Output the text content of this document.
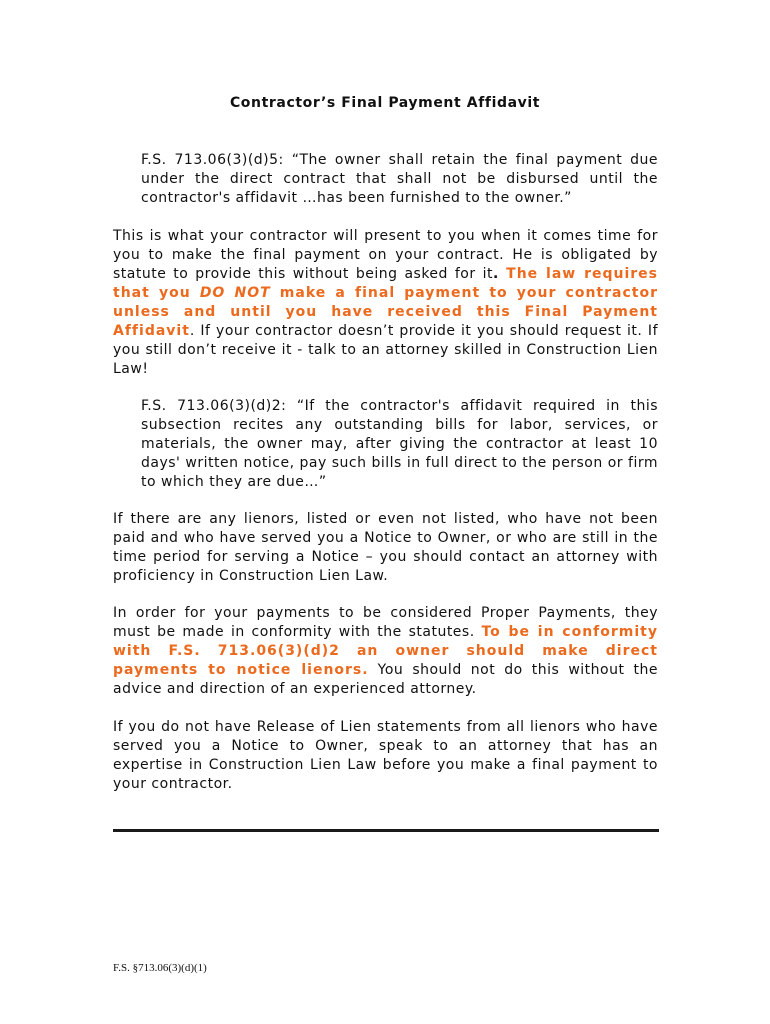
Contractor’s Final Payment Affidavit

F.S. 713.06(3)(d)5: “The owner shall retain the final payment due under the direct contract that shall not be disbursed until the contractor's affidavit …has been furnished to the owner.”

This is what your contractor will present to you when it comes time for you to make the final payment on your contract. He is obligated by statute to provide this without being asked for it. The law requires that you DO NOT make a final payment to your contractor unless and until you have received this Final Payment Affidavit. If your contractor doesn’t provide it you should request it. If you still don’t receive it - talk to an attorney skilled in Construction Lien Law!

F.S. 713.06(3)(d)2: “If the contractor's affidavit required in this subsection recites any outstanding bills for labor, services, or materials, the owner may, after giving the contractor at least 10 days' written notice, pay such bills in full direct to the person or firm to which they are due…”

If there are any lienors, listed or even not listed, who have not been paid and who have served you a Notice to Owner, or who are still in the time period for serving a Notice – you should contact an attorney with proficiency in Construction Lien Law.

In order for your payments to be considered Proper Payments, they must be made in conformity with the statutes. To be in conformity with F.S. 713.06(3)(d)2 an owner should make direct payments to notice lienors. You should not do this without the advice and direction of an experienced attorney.

If you do not have Release of Lien statements from all lienors who have served you a Notice to Owner, speak to an attorney that has an expertise in Construction Lien Law before you make a final payment to your contractor.

F.S. §713.06(3)(d)(1)
